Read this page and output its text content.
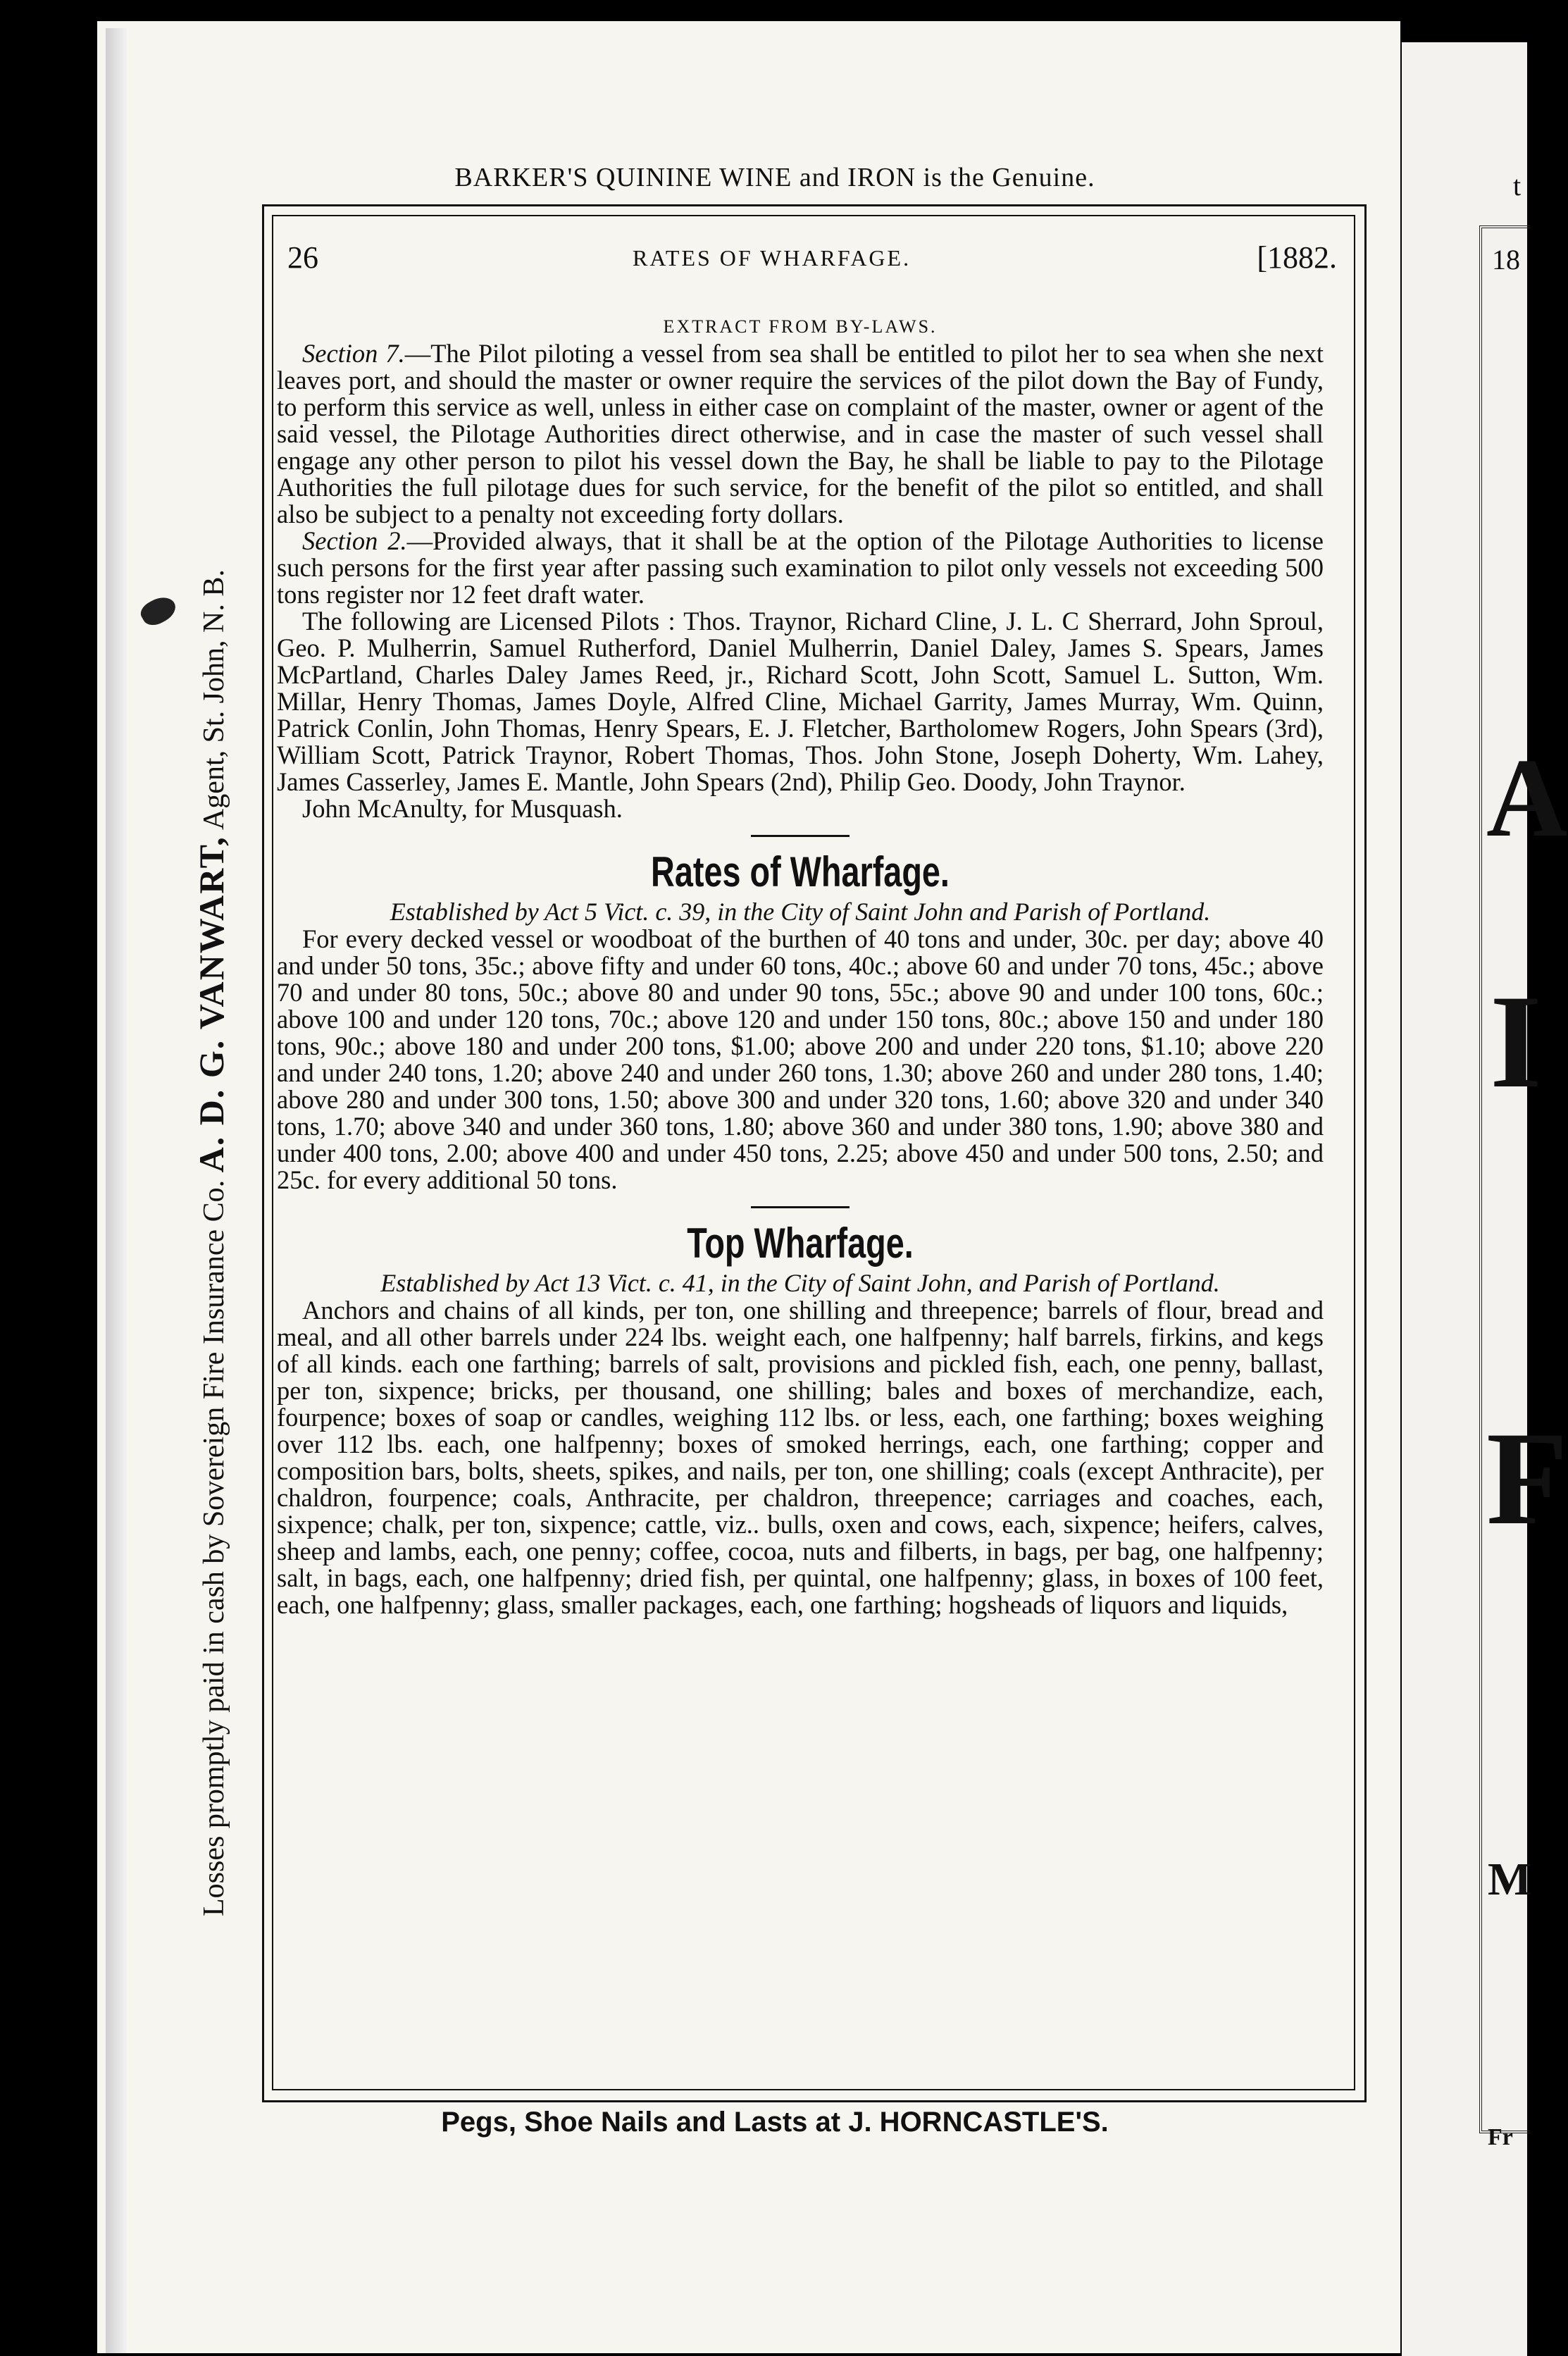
t
18
A
I
F
M
Fr
BARKER'S QUININE WINE and IRON is the Genuine.
Losses promptly paid in cash by Sovereign Fire Insurance Co. A. D. G. VANWART, Agent, St. John, N. B.
26	RATES OF WHARFAGE.	[1882.

EXTRACT FROM BY-LAWS.

Section 7.—The Pilot piloting a vessel from sea shall be entitled to pilot her to sea when she next leaves port, and should the master or owner require the services of the pilot down the Bay of Fundy, to perform this service as well, unless in either case on complaint of the master, owner or agent of the said vessel, the Pilotage Authorities direct otherwise, and in case the master of such vessel shall engage any other person to pilot his vessel down the Bay, he shall be liable to pay to the Pilotage Authorities the full pilotage dues for such service, for the benefit of the pilot so entitled, and shall also be subject to a penalty not exceeding forty dollars.

Section 2.—Provided always, that it shall be at the option of the Pilotage Authorities to license such persons for the first year after passing such examination to pilot only vessels not exceeding 500 tons register nor 12 feet draft water.

The following are Licensed Pilots : Thos. Traynor, Richard Cline, J. L. C Sherrard, John Sproul, Geo. P. Mulherrin, Samuel Rutherford, Daniel Mulherrin, Daniel Daley, James S. Spears, James McPartland, Charles Daley James Reed, jr., Richard Scott, John Scott, Samuel L. Sutton, Wm. Millar, Henry Thomas, James Doyle, Alfred Cline, Michael Garrity, James Murray, Wm. Quinn, Patrick Conlin, John Thomas, Henry Spears, E. J. Fletcher, Bartholomew Rogers, John Spears (3rd), William Scott, Patrick Traynor, Robert Thomas, Thos. John Stone, Joseph Doherty, Wm. Lahey, James Casserley, James E. Mantle, John Spears (2nd), Philip Geo. Doody, John Traynor.

John McAnulty, for Musquash.

Rates of Wharfage.

Established by Act 5 Vict. c. 39, in the City of Saint John and Parish of Portland.

For every decked vessel or woodboat of the burthen of 40 tons and under, 30c. per day; above 40 and under 50 tons, 35c.; above fifty and under 60 tons, 40c.; above 60 and under 70 tons, 45c.; above 70 and under 80 tons, 50c.; above 80 and under 90 tons, 55c.; above 90 and under 100 tons, 60c.; above 100 and under 120 tons, 70c.; above 120 and under 150 tons, 80c.; above 150 and under 180 tons, 90c.; above 180 and under 200 tons, $1.00; above 200 and under 220 tons, $1.10; above 220 and under 240 tons, 1.20; above 240 and under 260 tons, 1.30; above 260 and under 280 tons, 1.40; above 280 and under 300 tons, 1.50; above 300 and under 320 tons, 1.60; above 320 and under 340 tons, 1.70; above 340 and under 360 tons, 1.80; above 360 and under 380 tons, 1.90; above 380 and under 400 tons, 2.00; above 400 and under 450 tons, 2.25; above 450 and under 500 tons, 2.50; and 25c. for every additional 50 tons.

Top Wharfage.

Established by Act 13 Vict. c. 41, in the City of Saint John, and Parish of Portland.

Anchors and chains of all kinds, per ton, one shilling and threepence; barrels of flour, bread and meal, and all other barrels under 224 lbs. weight each, one halfpenny; half barrels, firkins, and kegs of all kinds. each one farthing; barrels of salt, provisions and pickled fish, each, one penny, ballast, per ton, sixpence; bricks, per thousand, one shilling; bales and boxes of merchandize, each, fourpence; boxes of soap or candles, weighing 112 lbs. or less, each, one farthing; boxes weighing over 112 lbs. each, one halfpenny; boxes of smoked herrings, each, one farthing; copper and composition bars, bolts, sheets, spikes, and nails, per ton, one shilling; coals (except Anthracite), per chaldron, fourpence; coals, Anthracite, per chaldron, threepence; carriages and coaches, each, sixpence; chalk, per ton, sixpence; cattle, viz.. bulls, oxen and cows, each, sixpence; heifers, calves, sheep and lambs, each, one penny; coffee, cocoa, nuts and filberts, in bags, per bag, one halfpenny; salt, in bags, each, one halfpenny; dried fish, per quintal, one halfpenny; glass, in boxes of 100 feet, each, one halfpenny; glass, smaller packages, each, one farthing; hogsheads of liquors and liquids,

Pegs, Shoe Nails and Lasts at J. HORNCASTLE'S.
